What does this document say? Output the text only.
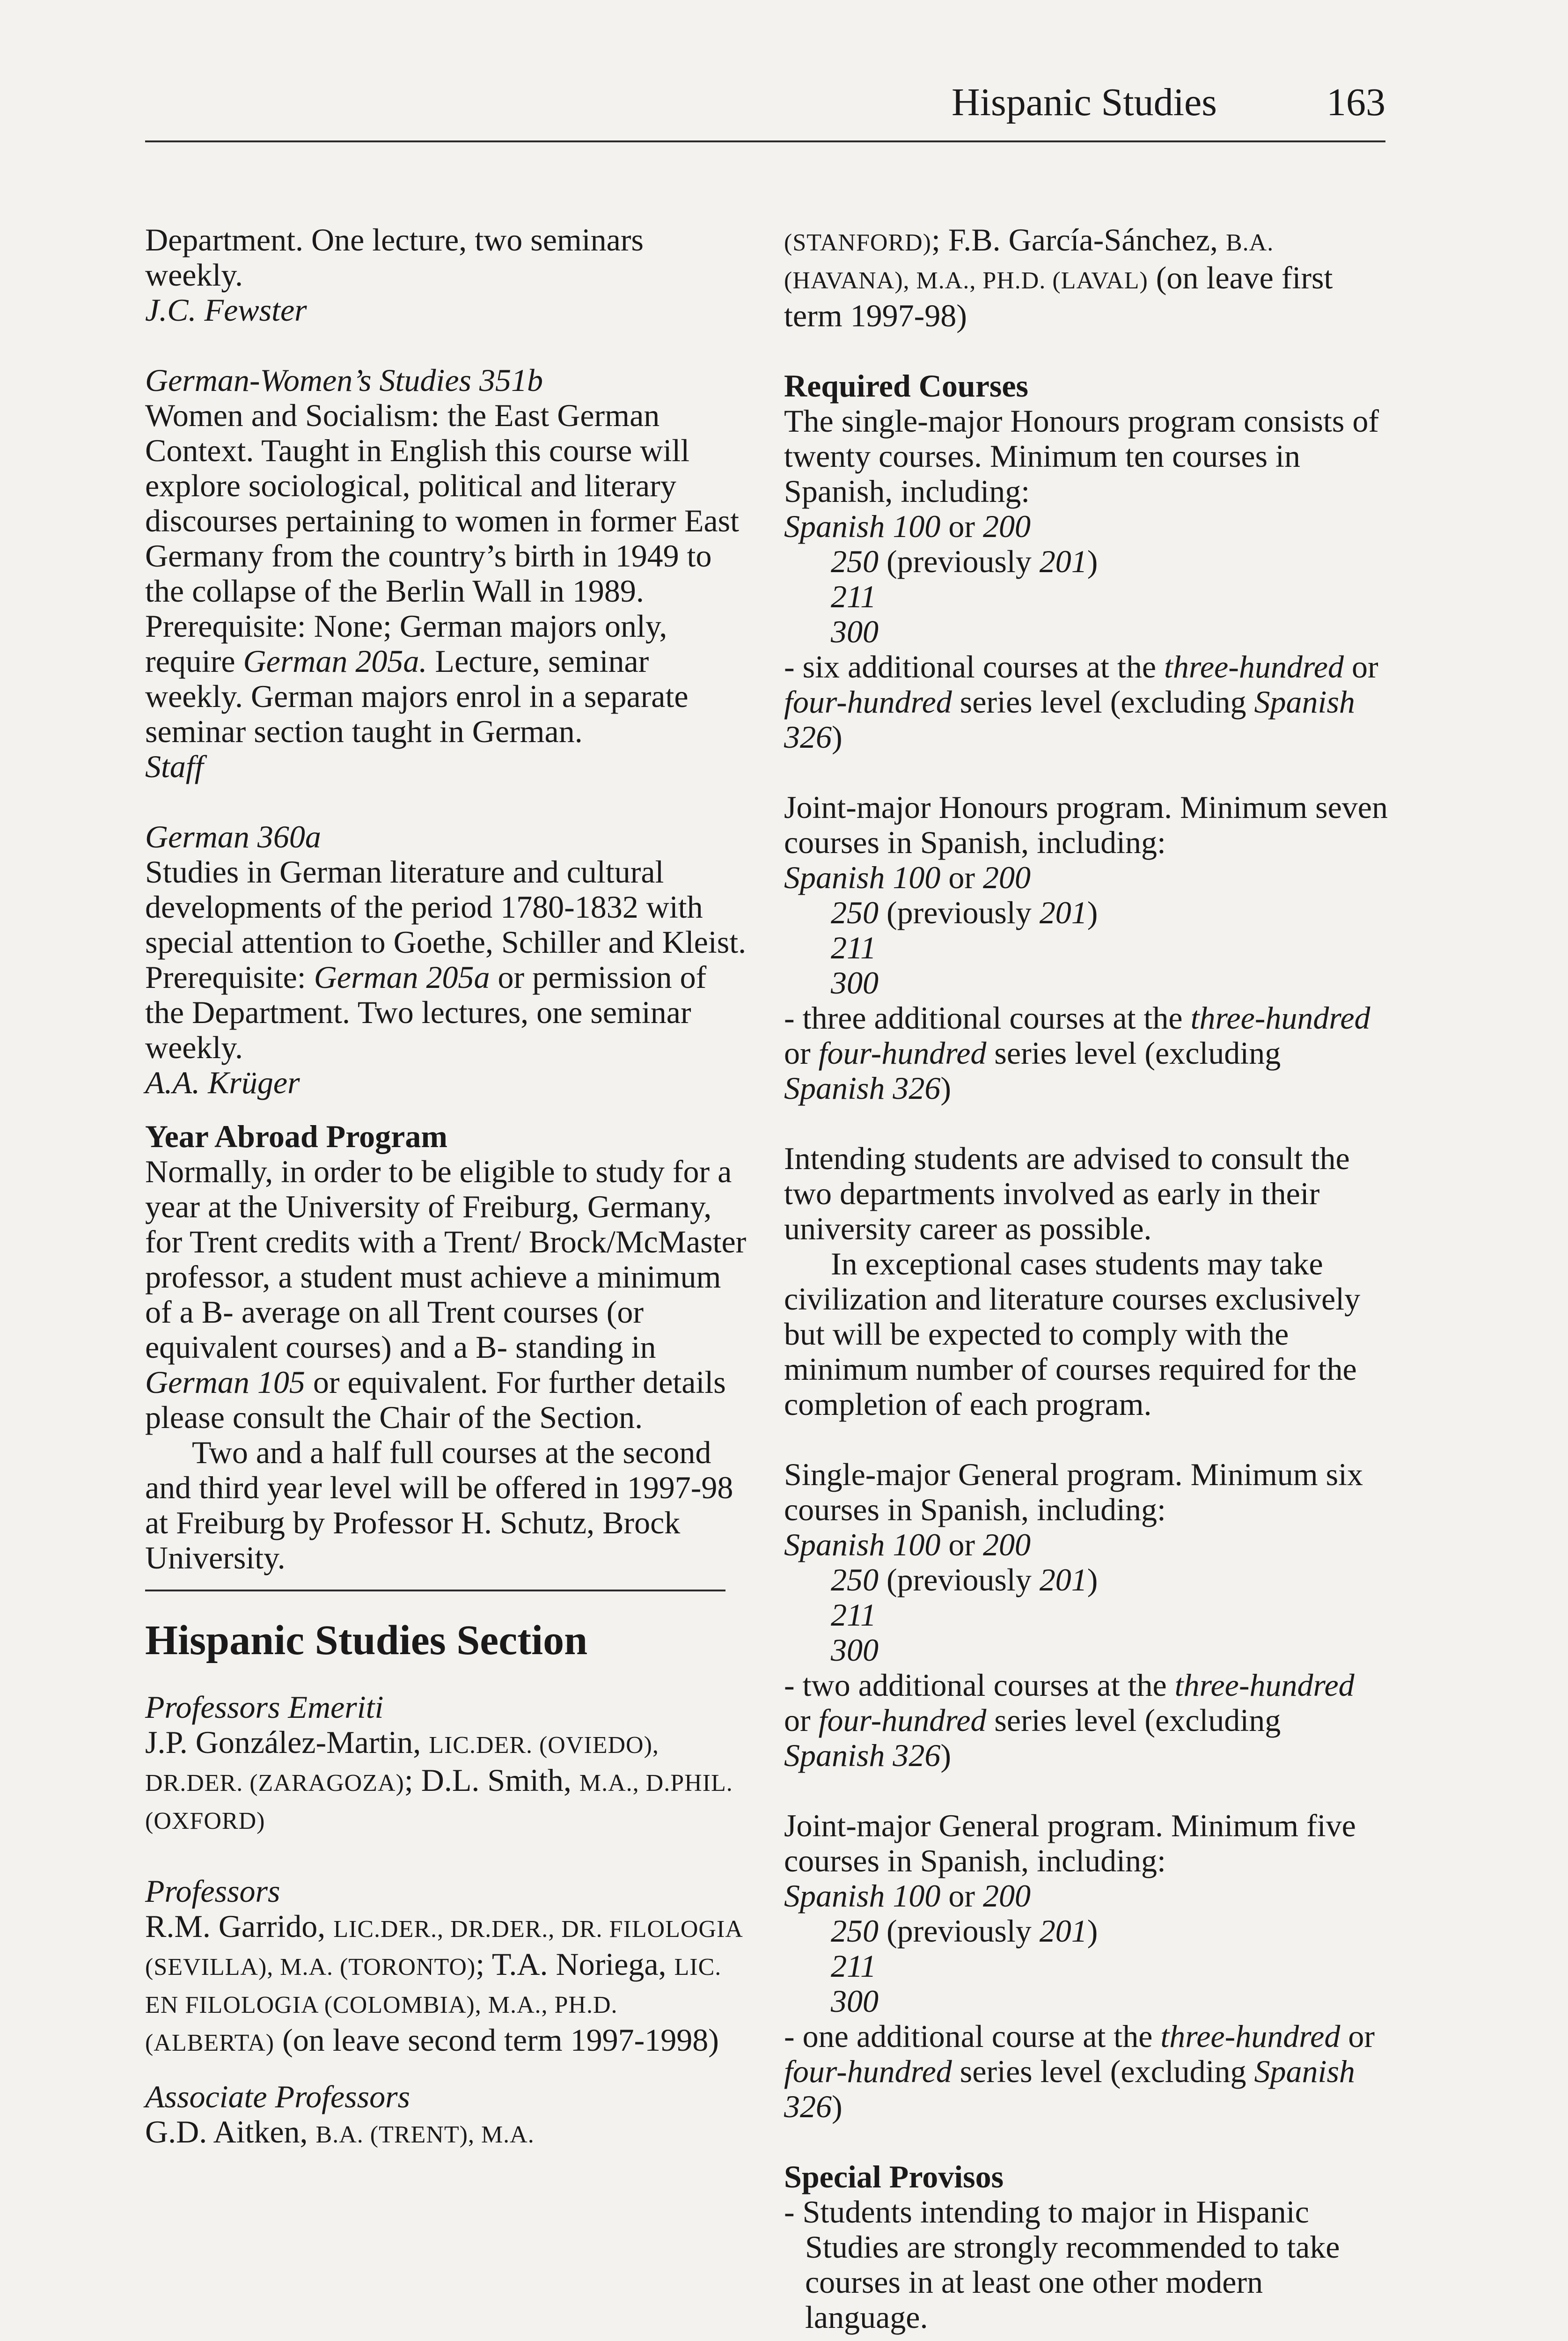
Hispanic Studies	163

Department. One lecture, two seminars weekly.

J.C. Fewster

German-Women’s Studies 351b

Women and Socialism: the East German Context. Taught in English this course will explore sociological, political and literary discourses pertaining to women in former East Germany from the country’s birth in 1949 to the collapse of the Berlin Wall in 1989. Prerequisite: None; German majors only, require German 205a. Lecture, seminar weekly. German majors enrol in a separate seminar section taught in German.

Staff

German 360a

Studies in German literature and cultural developments of the period 1780-1832 with special attention to Goethe, Schiller and Kleist. Prerequisite: German 205a or permission of the Department. Two lectures, one seminar weekly.

A.A. Krüger

Year Abroad Program

Normally, in order to be eligible to study for a year at the University of Freiburg, Germany, for Trent credits with a Trent/ Brock/McMaster professor, a student must achieve a minimum of a B- average on all Trent courses (or equivalent courses) and a B- standing in German 105 or equivalent. For further details please consult the Chair of the Section.

Two and a half full courses at the second and third year level will be offered in 1997-98 at Freiburg by Professor H. Schutz, Brock University.

Hispanic Studies Section

Professors Emeriti

J.P. González-Martin, LIC.DER. (OVIEDO), DR.DER. (ZARAGOZA); D.L. Smith, M.A., D.PHIL. (OXFORD)

Professors

R.M. Garrido, LIC.DER., DR.DER., DR. FILOLOGIA (SEVILLA), M.A. (TORONTO); T.A. Noriega, LIC. EN FILOLOGIA (COLOMBIA), M.A., PH.D. (ALBERTA) (on leave second term 1997-1998)

Associate Professors

G.D. Aitken, B.A. (TRENT), M.A.

(STANFORD); F.B. García-Sánchez, B.A. (HAVANA), M.A., PH.D. (LAVAL) (on leave first term 1997-98)

Required Courses

The single-major Honours program consists of twenty courses. Minimum ten courses in Spanish, including:

Spanish 100 or 200

250 (previously 201)

211

300

- six additional courses at the three-hundred or four-hundred series level (excluding Spanish 326)

Joint-major Honours program. Minimum seven courses in Spanish, including:

Spanish 100 or 200

250 (previously 201)

211

300

- three additional courses at the three-hundred or four-hundred series level (excluding Spanish 326)

Intending students are advised to consult the two departments involved as early in their university career as possible.

In exceptional cases students may take civilization and literature courses exclusively but will be expected to comply with the minimum number of courses required for the completion of each program.

Single-major General program. Minimum six courses in Spanish, including:

Spanish 100 or 200

250 (previously 201)

211

300

- two additional courses at the three-hundred or four-hundred series level (excluding Spanish 326)

Joint-major General program. Minimum five courses in Spanish, including:

Spanish 100 or 200

250 (previously 201)

211

300

- one additional course at the three-hundred or four-hundred series level (excluding Spanish 326)

Special Provisos

- Students intending to major in Hispanic Studies are strongly recommended to take courses in at least one other modern language.
